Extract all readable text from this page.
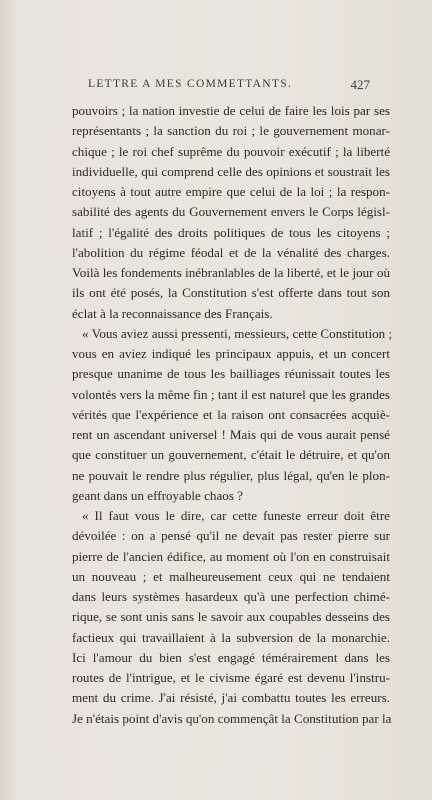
LETTRE A MES COMMETTANTS.	427
pouvoirs ; la nation investie de celui de faire les lois par ses
représentants ; la sanction du roi ; le gouvernement monar-
chique ; le roi chef suprême du pouvoir exécutif ; la liberté
individuelle, qui comprend celle des opinions et soustrait les
citoyens à tout autre empire que celui de la loi ; la respon-
sabilité des agents du Gouvernement envers le Corps législ-
latif ; l'égalité des droits politiques de tous les citoyens ;
l'abolition du régime féodal et de la vénalité des charges.
Voilà les fondements inébranlables de la liberté, et le jour où
ils ont été posés, la Constitution s'est offerte dans tout son
éclat à la reconnaissance des Français.
« Vous aviez aussi pressenti, messieurs, cette Constitution ;
vous en aviez indiqué les principaux appuis, et un concert
presque unanime de tous les bailliages réunissait toutes les
volontés vers la même fin ; tant il est naturel que les grandes
vérités que l'expérience et la raison ont consacrées acquiè-
rent un ascendant universel ! Mais qui de vous aurait pensé
que constituer un gouvernement, c'était le détruire, et qu'on
ne pouvait le rendre plus régulier, plus légal, qu'en le plon-
geant dans un effroyable chaos ?
« Il faut vous le dire, car cette funeste erreur doit être
dévoilée : on a pensé qu'il ne devait pas rester pierre sur
pierre de l'ancien édifice, au moment où l'on en construisait
un nouveau ; et malheureusement ceux qui ne tendaient
dans leurs systèmes hasardeux qu'à une perfection chimé-
rique, se sont unis sans le savoir aux coupables desseins des
factieux qui travaillaient à la subversion de la monarchie.
Ici l'amour du bien s'est engagé témérairement dans les
routes de l'intrigue, et le civisme égaré est devenu l'instru-
ment du crime. J'ai résisté, j'ai combattu toutes les erreurs.
Je n'étais point d'avis qu'on commençât la Constitution par la
